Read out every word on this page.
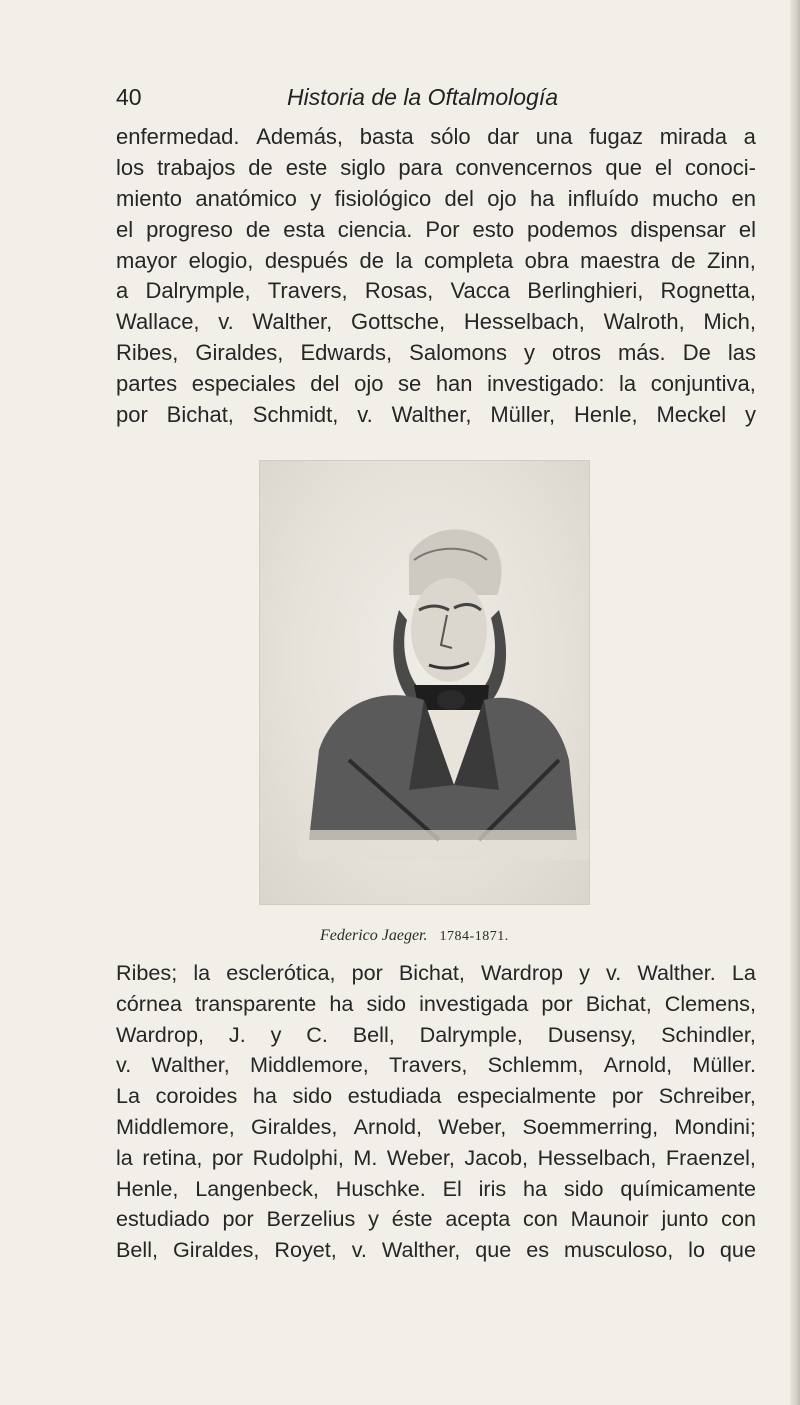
40	Historia de la Oftalmología
enfermedad. Además, basta sólo dar una fugaz mirada a
los trabajos de este siglo para convencernos que el conoci-
miento anatómico y fisiológico del ojo ha influído mucho en
el progreso de esta ciencia. Por esto podemos dispensar el
mayor elogio, después de la completa obra maestra de Zinn,
a Dalrymple, Travers, Rosas, Vacca Berlinghieri, Rognetta,
Wallace, v. Walther, Gottsche, Hesselbach, Walroth, Mich,
Ribes, Giraldes, Edwards, Salomons y otros más. De las
partes especiales del ojo se han investigado: la conjuntiva,
por Bichat, Schmidt, v. Walther, Müller, Henle, Meckel y
Federico Jaeger. 1784-1871.
Ribes; la esclerótica, por Bichat, Wardrop y v. Walther. La
córnea transparente ha sido investigada por Bichat, Clemens,
Wardrop, J. y C. Bell, Dalrymple, Dusensy, Schindler,
v. Walther, Middlemore, Travers, Schlemm, Arnold, Müller.
La coroides ha sido estudiada especialmente por Schreiber,
Middlemore, Giraldes, Arnold, Weber, Soemmerring, Mondini;
la retina, por Rudolphi, M. Weber, Jacob, Hesselbach, Fraenzel,
Henle, Langenbeck, Huschke. El iris ha sido químicamente
estudiado por Berzelius y éste acepta con Maunoir junto con
Bell, Giraldes, Royet, v. Walther, que es musculoso, lo que
